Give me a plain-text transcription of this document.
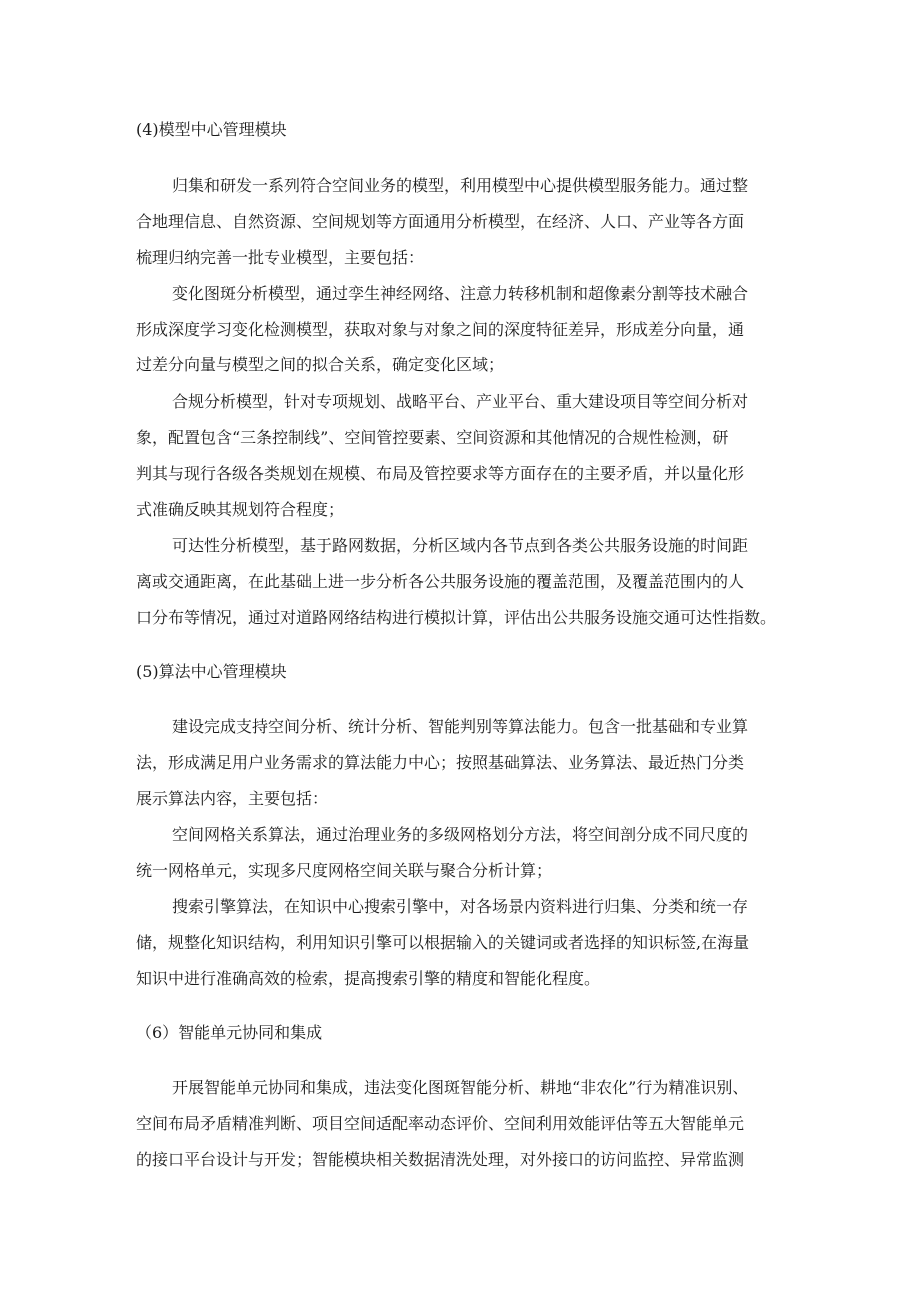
(4)模型中心管理模块

归集和研发一系列符合空间业务的模型，利用模型中心提供模型服务能力。通过整

合地理信息、自然资源、空间规划等方面通用分析模型，在经济、人口、产业等各方面

梳理归纳完善一批专业模型，主要包括：

变化图斑分析模型，通过孪生神经网络、注意力转移机制和超像素分割等技术融合

形成深度学习变化检测模型，获取对象与对象之间的深度特征差异，形成差分向量，通

过差分向量与模型之间的拟合关系，确定变化区域；

合规分析模型，针对专项规划、战略平台、产业平台、重大建设项目等空间分析对

象，配置包含“三条控制线”、空间管控要素、空间资源和其他情况的合规性检测，研

判其与现行各级各类规划在规模、布局及管控要求等方面存在的主要矛盾，并以量化形

式准确反映其规划符合程度；

可达性分析模型，基于路网数据，分析区域内各节点到各类公共服务设施的时间距

离或交通距离，在此基础上进一步分析各公共服务设施的覆盖范围，及覆盖范围内的人

口分布等情况，通过对道路网络结构进行模拟计算，评估出公共服务设施交通可达性指数。

(5)算法中心管理模块

建设完成支持空间分析、统计分析、智能判别等算法能力。包含一批基础和专业算

法，形成满足用户业务需求的算法能力中心；按照基础算法、业务算法、最近热门分类

展示算法内容，主要包括：

空间网格关系算法，通过治理业务的多级网格划分方法，将空间剖分成不同尺度的

统一网格单元，实现多尺度网格空间关联与聚合分析计算；

搜索引擎算法，在知识中心搜索引擎中，对各场景内资料进行归集、分类和统一存

储，规整化知识结构，利用知识引擎可以根据输入的关键词或者选择的知识标签,在海量

知识中进行准确高效的检索，提高搜索引擎的精度和智能化程度。

（6）智能单元协同和集成

开展智能单元协同和集成，违法变化图斑智能分析、耕地“非农化”行为精准识别、

空间布局矛盾精准判断、项目空间适配率动态评价、空间利用效能评估等五大智能单元

的接口平台设计与开发；智能模块相关数据清洗处理，对外接口的访问监控、异常监测
